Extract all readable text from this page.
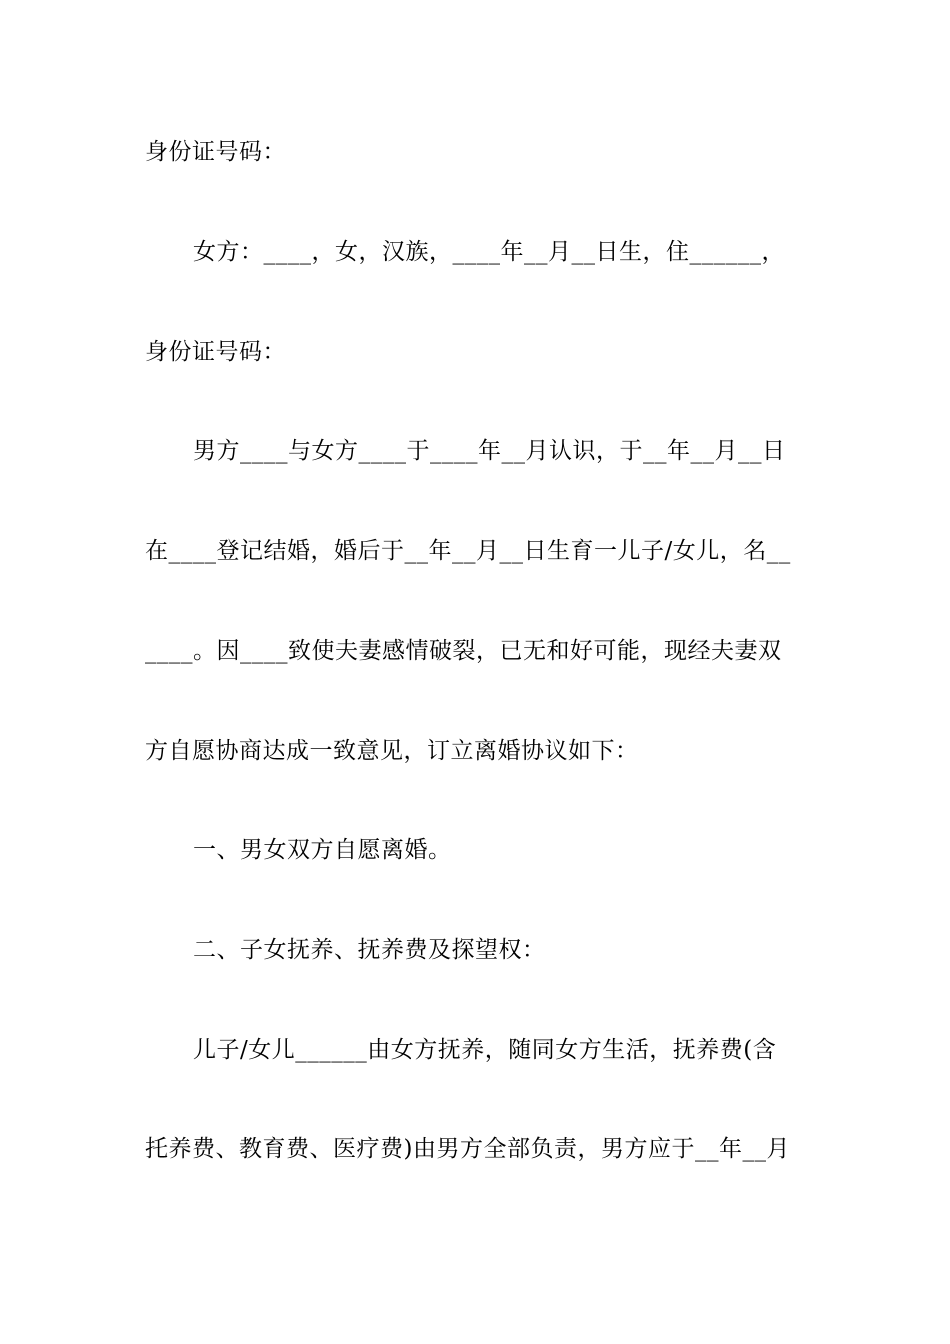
身份证号码：
女方：____，女，汉族，____年__月__日生，住______，
身份证号码：
男方____与女方____于____年__月认识，于__年__月__日
在____登记结婚，婚后于__年__月__日生育一儿子/女儿，名__
____。因____致使夫妻感情破裂，已无和好可能，现经夫妻双
方自愿协商达成一致意见，订立离婚协议如下：
一、男女双方自愿离婚。
二、子女抚养、抚养费及探望权：
儿子/女儿______由女方抚养，随同女方生活，抚养费(含
托养费、教育费、医疗费)由男方全部负责，男方应于__年__月
